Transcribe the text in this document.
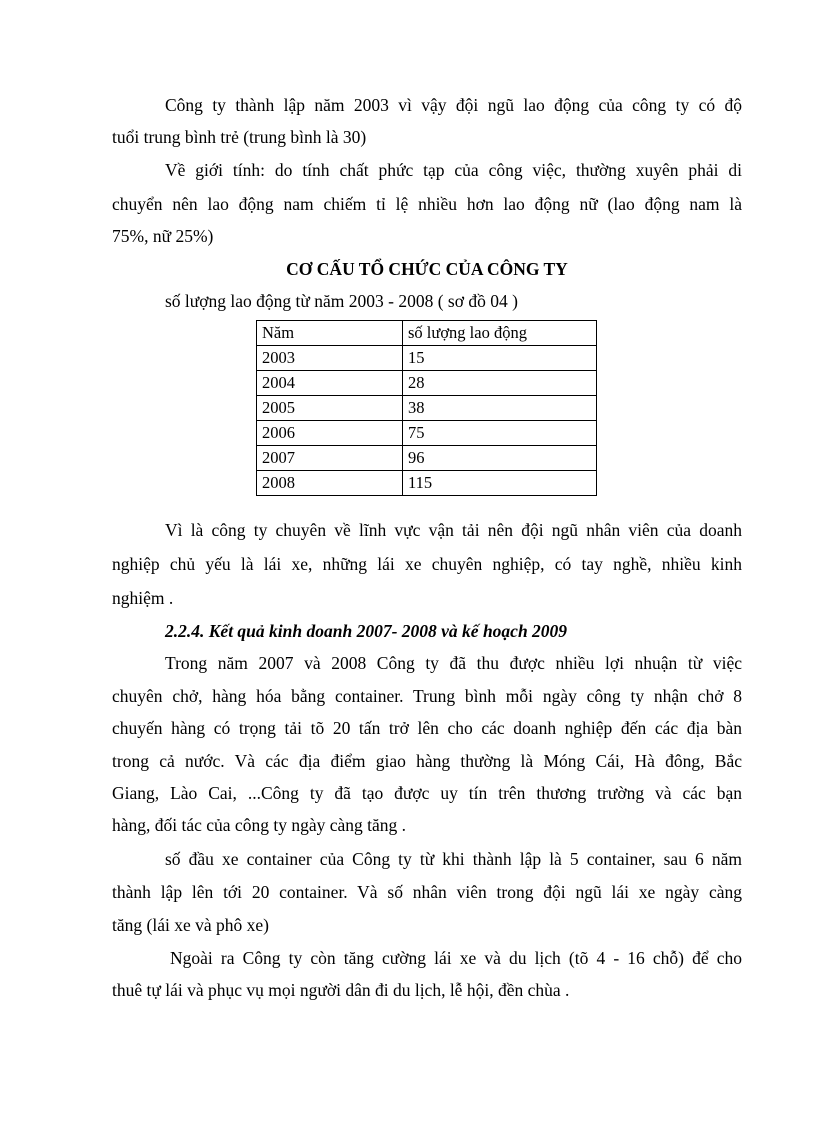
Công ty thành lập năm 2003 vì vậy đội ngũ lao động của công ty có độ
tuổi trung bình trẻ (trung bình là 30)
Về giới tính: do tính chất phức tạp của công việc, thường xuyên phải di
chuyển nên lao động nam chiếm tỉ lệ nhiều hơn lao động nữ (lao động nam là
75%, nữ 25%)
CƠ CẤU TỔ CHỨC CỦA CÔNG TY
số lượng lao động từ năm 2003 - 2008 ( sơ đồ 04 )
Năm	số lượng lao động
2003	15
2004	28
2005	38
2006	75
2007	96
2008	115
Vì là công ty chuyên về lĩnh vực vận tải nên đội ngũ nhân viên của doanh
nghiệp chủ yếu là lái xe, những lái xe chuyên nghiệp, có tay nghề, nhiều kinh
nghiệm .
2.2.4. Kết quả kinh doanh 2007- 2008 và kế hoạch 2009
Trong năm 2007 và 2008 Công ty đã thu được nhiều lợi nhuận từ việc
chuyên chở, hàng hóa bằng container. Trung bình mỗi ngày công ty nhận chở 8
chuyến hàng có trọng tải tõ 20 tấn trở lên cho các doanh nghiệp đến các địa bàn
trong cả nước. Và các địa điểm giao hàng thường là Móng Cái, Hà đông, Bắc
Giang, Lào Cai, ...Công ty đã tạo được uy tín trên thương trường và các bạn
hàng, đối tác của công ty ngày càng tăng .
số đầu xe container của Công ty từ khi thành lập là 5 container, sau 6 năm
thành lập lên tới 20 container. Và số nhân viên trong đội ngũ lái xe ngày càng
tăng (lái xe và phô xe)
Ngoài ra Công ty còn tăng cường lái xe và du lịch (tõ 4 - 16 chỗ) để cho
thuê tự lái và phục vụ mọi người dân đi du lịch, lễ hội, đền chùa .
